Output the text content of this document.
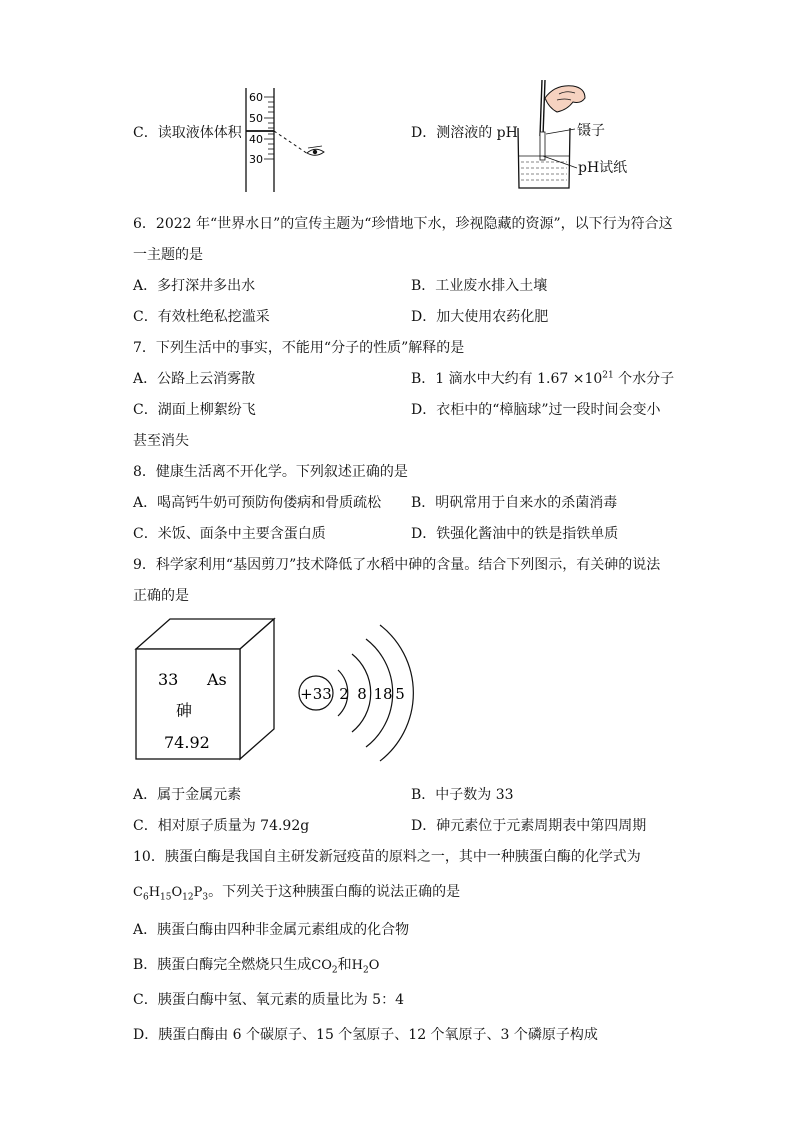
C．读取液体体积
60
50
40
30
D．测溶液的 pH	镊子
pH试纸
6．2022 年“世界水日”的宣传主题为“珍惜地下水，珍视隐藏的资源”，以下行为符合这
一主题的是
A．多打深井多出水	B．工业废水排入土壤
C．有效杜绝私挖滥采	D．加大使用农药化肥
7．下列生活中的事实，不能用“分子的性质”解释的是
A．公路上云消雾散	B．1 滴水中大约有 $1.67 \times 10^{21}$ 个水分子
C．湖面上柳絮纷飞	D．衣柜中的“樟脑球”过一段时间会变小
甚至消失
8．健康生活离不开化学。下列叙述正确的是
A．喝高钙牛奶可预防佝偻病和骨质疏松 B．明矾常用于自来水的杀菌消毒
C．米饭、面条中主要含蛋白质	D．铁强化酱油中的铁是指铁单质
9．科学家利用“基因剪刀”技术降低了水稻中砷的含量。结合下列图示，有关砷的说法
正确的是
33 As
砷
74.92
+33 2 8 18 5
A．属于金属元素	B．中子数为 33
C．相对原子质量为 74.92g	D．砷元素位于元素周期表中第四周期
10．胰蛋白酶是我国自主研发新冠疫苗的原料之一，其中一种胰蛋白酶的化学式为
$C_6H_{15}O_{12}P_3$。下列关于这种胰蛋白酶的说法正确的是
A．胰蛋白酶由四种非金属元素组成的化合物
B．胰蛋白酶完全燃烧只生成$CO_2$和$H_2O$
C．胰蛋白酶中氢、氧元素的质量比为 5：4
D．胰蛋白酶由 6 个碳原子、15 个氢原子、12 个氧原子、3 个磷原子构成
